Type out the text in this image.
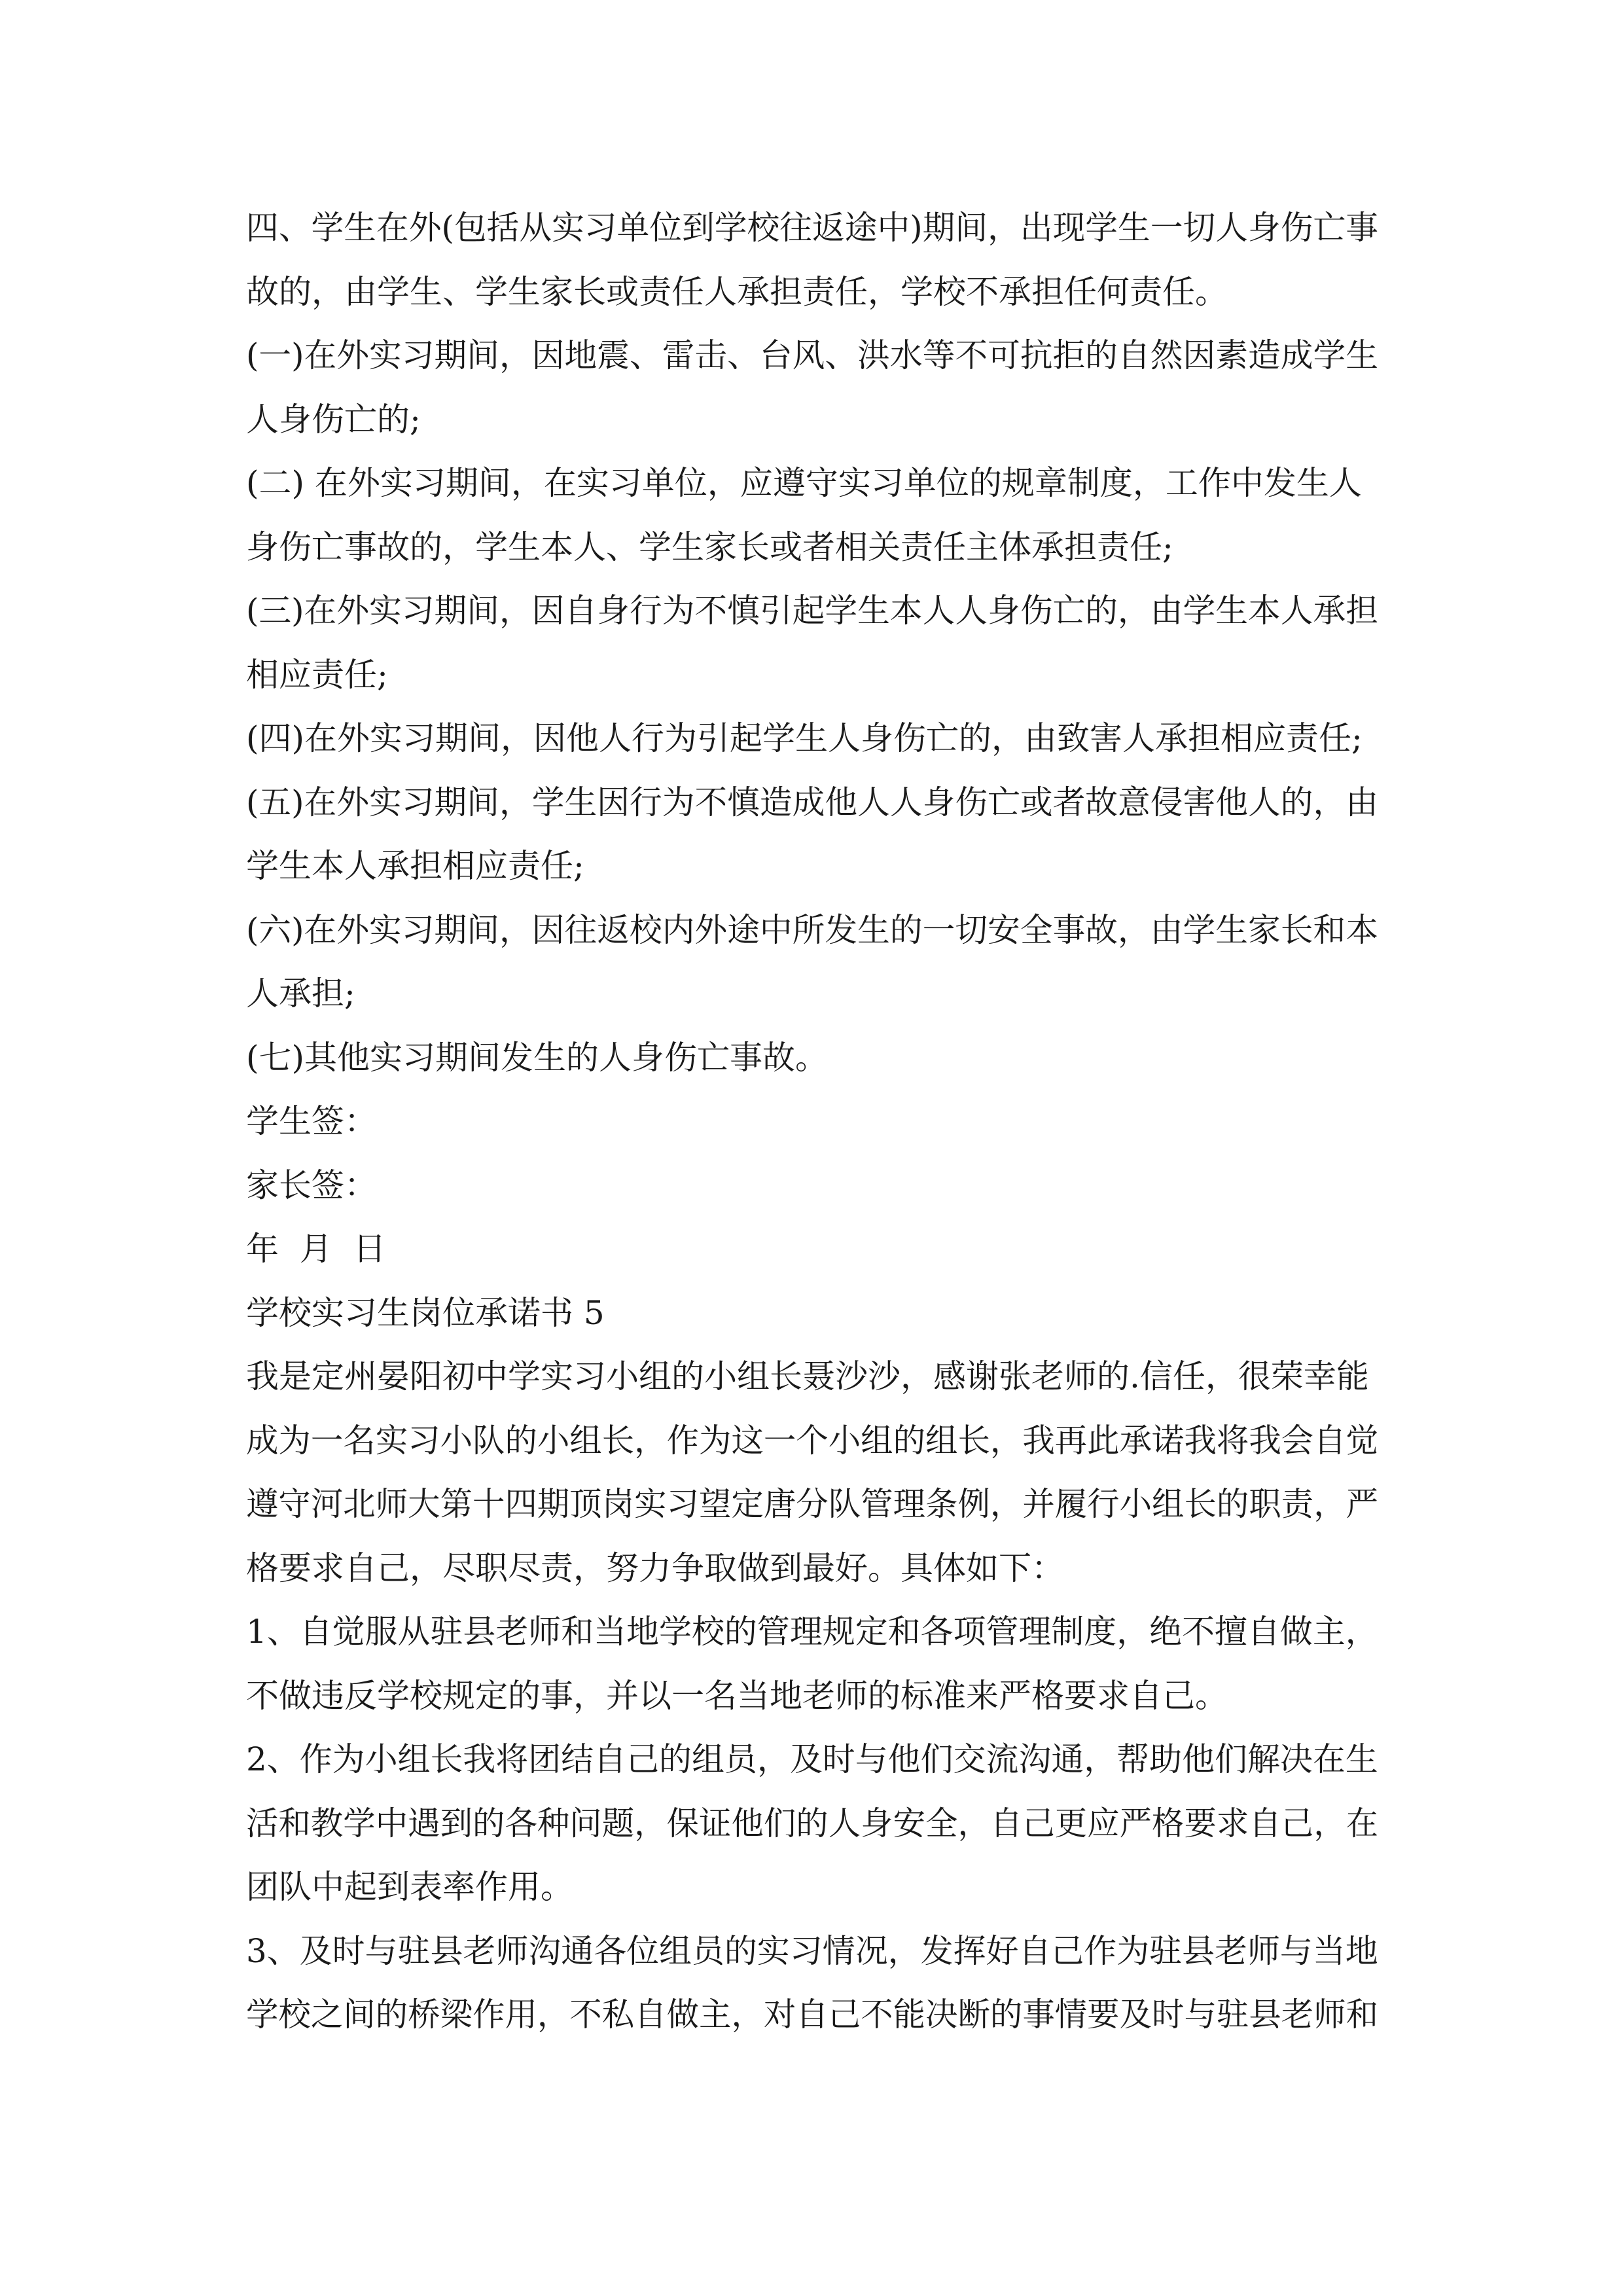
四、学生在外(包括从实习单位到学校往返途中)期间，出现学生一切人身伤亡事
故的，由学生、学生家长或责任人承担责任，学校不承担任何责任。
(一)在外实习期间，因地震、雷击、台风、洪水等不可抗拒的自然因素造成学生
人身伤亡的;
(二) 在外实习期间，在实习单位，应遵守实习单位的规章制度，工作中发生人
身伤亡事故的，学生本人、学生家长或者相关责任主体承担责任;
(三)在外实习期间，因自身行为不慎引起学生本人人身伤亡的，由学生本人承担
相应责任;
(四)在外实习期间，因他人行为引起学生人身伤亡的，由致害人承担相应责任;
(五)在外实习期间，学生因行为不慎造成他人人身伤亡或者故意侵害他人的，由
学生本人承担相应责任;
(六)在外实习期间，因往返校内外途中所发生的一切安全事故，由学生家长和本
人承担;
(七)其他实习期间发生的人身伤亡事故。
学生签：
家长签：
年  月  日
学校实习生岗位承诺书 5
我是定州晏阳初中学实习小组的小组长聂沙沙，感谢张老师的.信任，很荣幸能
成为一名实习小队的小组长，作为这一个小组的组长，我再此承诺我将我会自觉
遵守河北师大第十四期顶岗实习望定唐分队管理条例，并履行小组长的职责，严
格要求自己，尽职尽责，努力争取做到最好。具体如下：
1、自觉服从驻县老师和当地学校的管理规定和各项管理制度，绝不擅自做主，
不做违反学校规定的事，并以一名当地老师的标准来严格要求自己。
2、作为小组长我将团结自己的组员，及时与他们交流沟通，帮助他们解决在生
活和教学中遇到的各种问题，保证他们的人身安全，自己更应严格要求自己，在
团队中起到表率作用。
3、及时与驻县老师沟通各位组员的实习情况，发挥好自己作为驻县老师与当地
学校之间的桥梁作用，不私自做主，对自己不能决断的事情要及时与驻县老师和
